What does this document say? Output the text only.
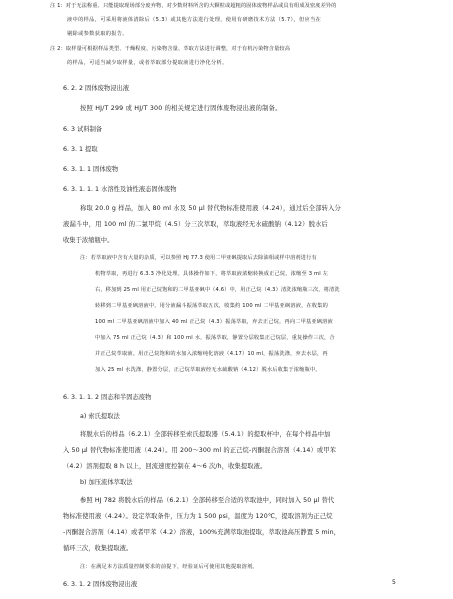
注 1：对于无法称重、只能提取现场部分废弃物，对少数材料所含的大颗粒或超粗的固体废物样品或具有组成及密度差异的
液中的样品，可采用将液体清除后（5.3）或其他方法进行处理，使用有研磨技术方法（5.7），但应当在
剔除或参数获取的报告。
注 2：取样量可根据样品类型、干燥程度、污染物含量、萃取方法进行调整，对于有机污染物含量较高
的样品，可适当减少取样量，或者萃取部分提取液进行净化分析。
6. 2. 2 固体废物浸出液
按照 HJ/T 299 或 HJ/T 300 的相关规定进行固体废物浸出液的制备。
6. 3 试料制备
6. 3. 1 提取
6. 3. 1. 1 固体废物
6. 3. 1. 1. 1 水溶性及油性液态固体废物
称取 20.0 g 样品，加入 80 ml 水及 50 μl 替代物标准使用液（4.24），通过后全部转入分
液漏斗中，用 100 ml 的二氯甲烷（4.5）分三次萃取，萃取液经无水硫酸钠（4.12）脱水后
收集于浓缩瓶中。
注：若萃取液中含有大量的杂质，可以参照 HJ 77.3 使用二甲亚砜提取后去除油相或样中溶剂进行有
机物萃取，再进行 6.3.3 净化处理。具体操作如下，将萃取液浓缩转换成正己烷，浓缩至 3 ml 左
右，移加到 25 ml 用正己烷饱和的二甲基亚砜中（4.6）中，用正己烷（4.3）清洗浓缩瓶三次，将清洗
转移到二甲基亚砜溶液中，用分液漏斗振荡萃取五次，收集约 100 ml 二甲基亚砜溶液，在收集的
100 ml 二甲基亚砜溶液中加入 40 ml 正己烷（4.3）振荡萃取，弃去正己烷，再向二甲基亚砜溶液
中加入 75 ml 正己烷（4.3）和 100 ml 水，振荡萃取，静置分层收集正己烷层，重复操作三次，合
并正己烷萃取液。用正己烷饱和的水加入浓缩纯化溶液（4.17）10 ml，振荡洗涤，弃去水层，再
加入 25 ml 水洗涤，静置分层，正己烷萃取液经无水硫酸钠（4.12）脱水后收集于浓缩瓶中。
6. 3. 1. 1. 2 固态和半固态废物
a) 索氏提取法
将脱水后的样品（6.2.1）全部转移至索氏提取器（5.4.1）的提取杯中，在每个样品中加
入 50 μl 替代物标准使用液（4.24）。用 200～300 ml 的正己烷-丙酮混合溶剂（4.14）或甲苯
（4.2）溶剂提取 8 h 以上，回流速度控制在 4～6 次/h，收集提取液。
b) 加压流体萃取法
参照 HJ 782 将脱水后的样品（6.2.1）全部转移至合适的萃取池中，同时加入 50 μl 替代
物标准使用液（4.24）。设定萃取条件，压力为 1 500 psi，温度为 120℃，提取溶剂为正己烷
-丙酮混合溶剂（4.14）或者甲苯（4.2）溶液，100%充满萃取池提取，萃取池高压静置 5 min，
循环三次，收集提取液。
注：在满足本方法质量控制要求的前提下，经验证后可使用其他提取溶剂。
6. 3. 1. 2 固体废物浸出液	5
